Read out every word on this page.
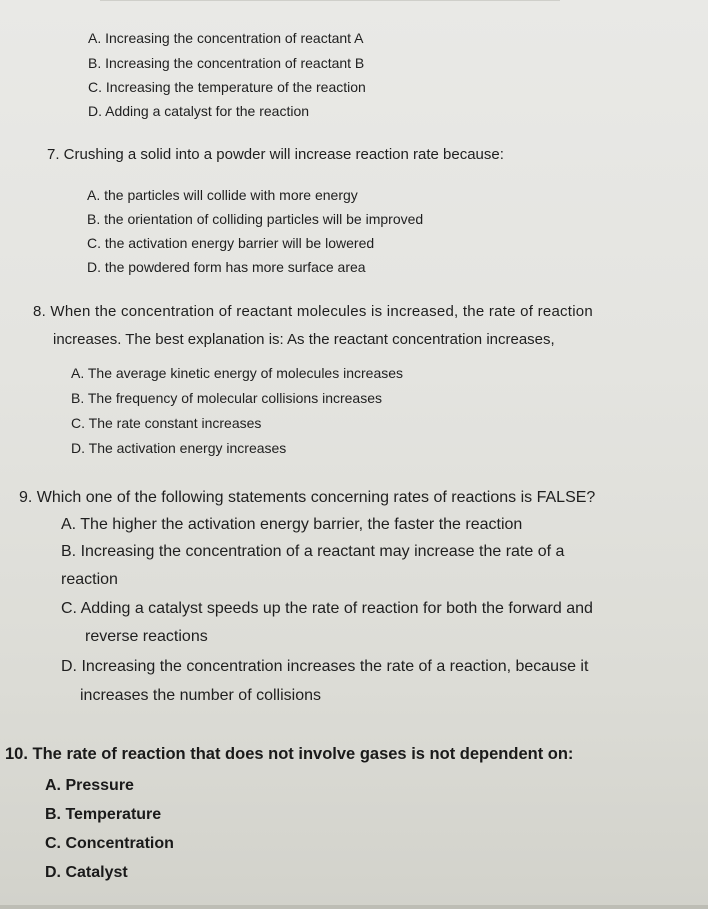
A. Increasing the concentration of reactant A
B. Increasing the concentration of reactant B
C. Increasing the temperature of the reaction
D. Adding a catalyst for the reaction
7. Crushing a solid into a powder will increase reaction rate because:
A. the particles will collide with more energy
B. the orientation of colliding particles will be improved
C. the activation energy barrier will be lowered
D. the powdered form has more surface area
8. When the concentration of reactant molecules is increased, the rate of reaction
increases. The best explanation is: As the reactant concentration increases,
A. The average kinetic energy of molecules increases
B. The frequency of molecular collisions increases
C. The rate constant increases
D. The activation energy increases
9. Which one of the following statements concerning rates of reactions is FALSE?
A. The higher the activation energy barrier, the faster the reaction
B. Increasing the concentration of a reactant may increase the rate of a
reaction
C. Adding a catalyst speeds up the rate of reaction for both the forward and
reverse reactions
D. Increasing the concentration increases the rate of a reaction, because it
increases the number of collisions
10. The rate of reaction that does not involve gases is not dependent on:
A. Pressure
B. Temperature
C. Concentration
D. Catalyst
